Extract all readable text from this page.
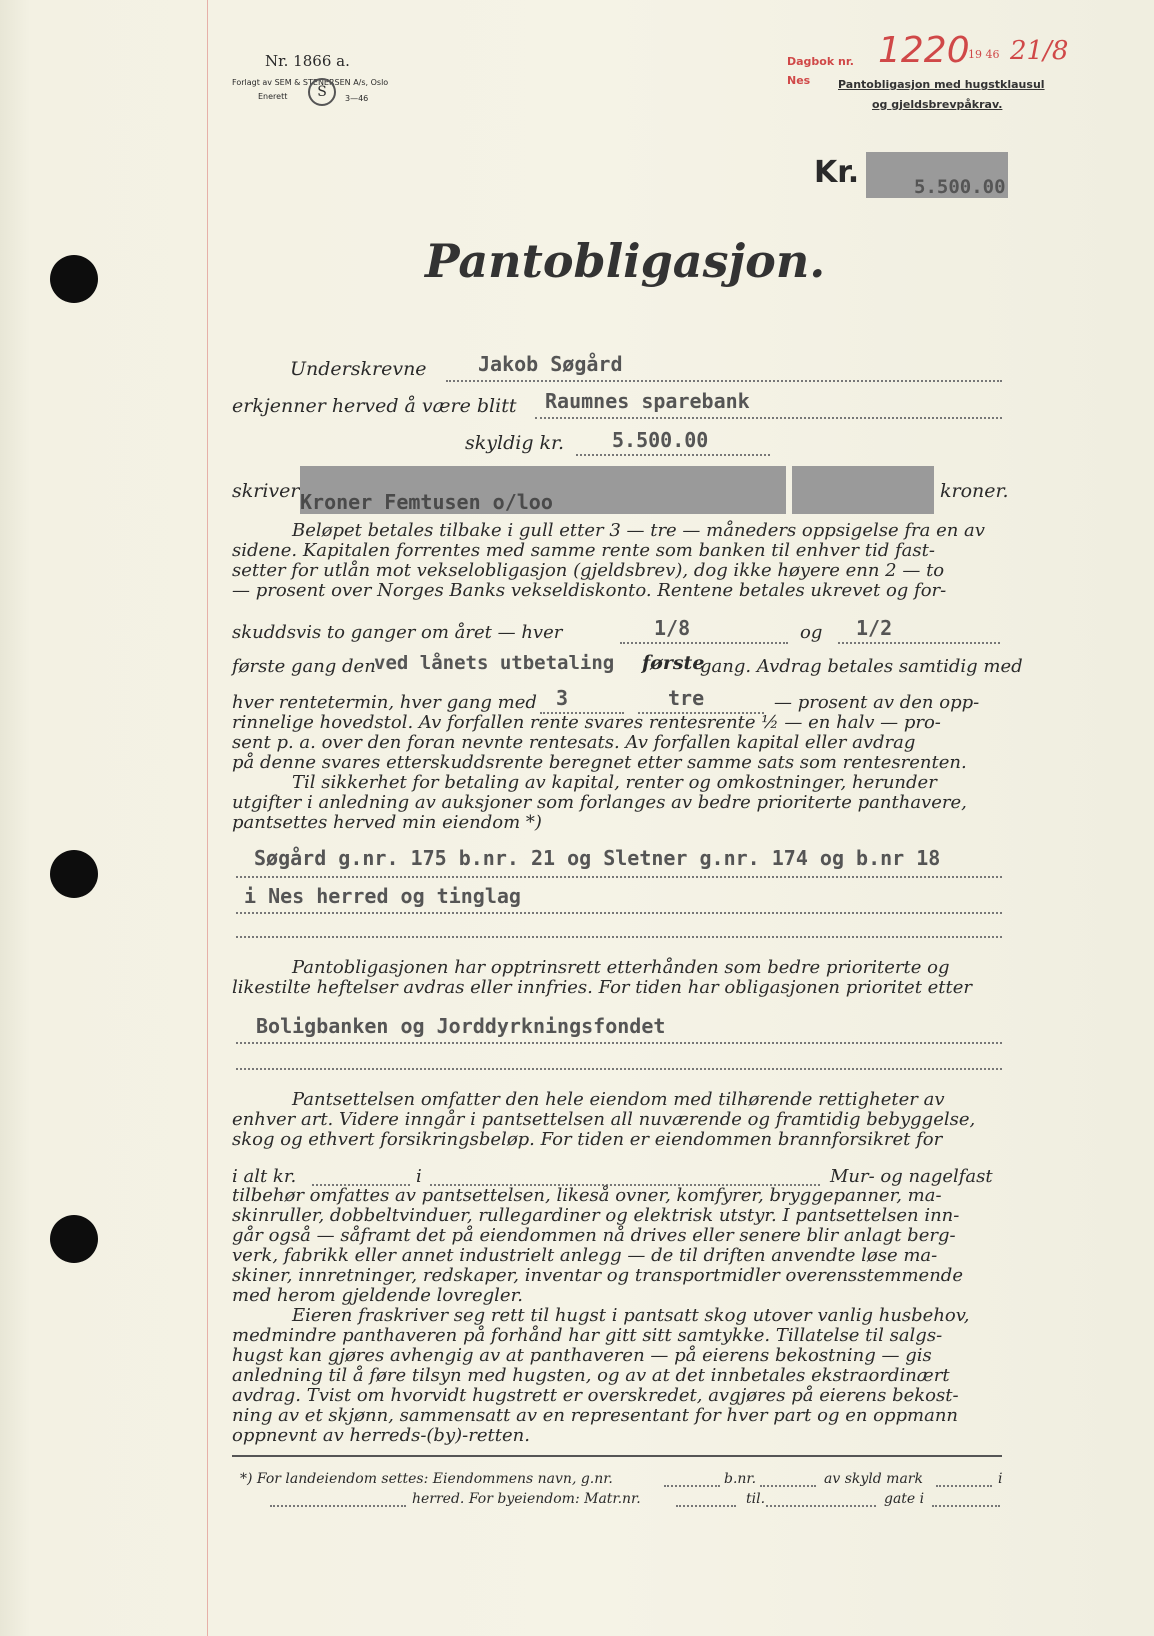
Nr. 1866 a.
Forlagt av SEM & STENERSEN A/s, Oslo
Enerett	S	3—46
Dagbok nr.
Nes
1220
19 46 21/8
Pantobligasjon med hugstklausul
og gjeldsbrevpåkrav.
Kr.	5.500.00
Pantobligasjon.
Underskrevne	Jakob Søgård
erkjenner herved å være blitt Raumnes sparebank
skyldig kr. 5.500.00
skriver Kroner Femtusen o/loo	kroner.
Beløpet betales tilbake i gull etter 3 — tre — måneders oppsigelse fra en av
sidene. Kapitalen forrentes med samme rente som banken til enhver tid fast-
setter for utlån mot vekselobligasjon (gjeldsbrev), dog ikke høyere enn 2 — to
— prosent over Norges Banks vekseldiskonto. Rentene betales ukrevet og for-
skuddsvis to ganger om året — hver	1/8	og 1/2
første gang den
ved lånets utbetaling første
gang. Avdrag betales samtidig med
hver rentetermin, hver gang med 3	tre	— prosent av den opp-
rinnelige hovedstol. Av forfallen rente svares rentesrente ½ — en halv — pro-
sent p. a. over den foran nevnte rentesats. Av forfallen kapital eller avdrag
på denne svares etterskuddsrente beregnet etter samme sats som rentesrenten.
Til sikkerhet for betaling av kapital, renter og omkostninger, herunder
utgifter i anledning av auksjoner som forlanges av bedre prioriterte panthavere,
pantsettes herved min eiendom *)
Søgård g.nr. 175 b.nr. 21 og Sletner g.nr. 174 og b.nr 18
i Nes herred og tinglag
Pantobligasjonen har opptrinsrett etterhånden som bedre prioriterte og
likestilte heftelser avdras eller innfries. For tiden har obligasjonen prioritet etter
Boligbanken og Jorddyrkningsfondet
Pantsettelsen omfatter den hele eiendom med tilhørende rettigheter av
enhver art. Videre inngår i pantsettelsen all nuværende og framtidig bebyggelse,
skog og ethvert forsikringsbeløp. For tiden er eiendommen brannforsikret for
i alt kr.	i	Mur- og nagelfast
tilbehør omfattes av pantsettelsen, likeså ovner, komfyrer, bryggepanner, ma-
skinruller, dobbeltvinduer, rullegardiner og elektrisk utstyr. I pantsettelsen inn-
går også — såframt det på eiendommen nå drives eller senere blir anlagt berg-
verk, fabrikk eller annet industrielt anlegg — de til driften anvendte løse ma-
skiner, innretninger, redskaper, inventar og transportmidler overensstemmende
med herom gjeldende lovregler.
Eieren fraskriver seg rett til hugst i pantsatt skog utover vanlig husbehov,
medmindre panthaveren på forhånd har gitt sitt samtykke. Tillatelse til salgs-
hugst kan gjøres avhengig av at panthaveren — på eierens bekostning — gis
anledning til å føre tilsyn med hugsten, og av at det innbetales ekstraordinært
avdrag. Tvist om hvorvidt hugstrett er overskredet, avgjøres på eierens bekost-
ning av et skjønn, sammensatt av en representant for hver part og en oppmann
oppnevnt av herreds-(by)-retten.
*) For landeiendom settes: Eiendommens navn, g.nr.	b.nr.	av skyld mark	i
herred. For byeiendom: Matr.nr.	til.	gate i
